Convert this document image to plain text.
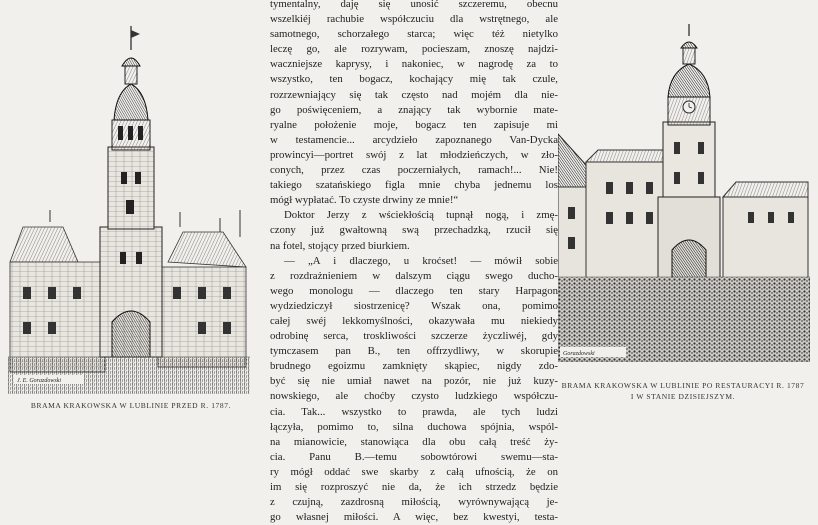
J. E. Gorazdowski
BRAMA KRAKOWSKA W LUBLINIE PRZED R. 1787.
tymentalny, daję się unosić szczeremu, obecnu
wszelkiéj rachubie współczuciu dla wstrętnego, ale
samotnego, schorzałego starca; więc téż nietylko
leczę go, ale rozrywam, pocieszam, znoszę najdzi-
waczniejsze kaprysy, i nakoniec, w nagrodę za to
wszystko, ten bogacz, kochający mię tak czule,
rozrzewniający się tak często nad mojém dla nie-
go poświęceniem, a znający tak wybornie mate-
ryalne położenie moje, bogacz ten zapisuje mi
w testamencie... arcydzieło zapoznanego Van-Dycka
prowincyi—portret swój z lat młodzieńczych, w zło-
conych, przez czas poczerniałych, ramach!... Nie!
takiego szatańskiego figla mnie chyba jednemu los
mógł wypłatać. To czyste drwiny ze mnie!“
Doktor Jerzy z wściekłością tupnął nogą, i zmę-
czony już gwałtowną swą przechadzką, rzucił się
na fotel, stojący przed biurkiem.
— „A i dlaczego, u kroćset! — mówił sobie
z rozdrażnieniem w dalszym ciągu swego ducho-
wego monologu — dlaczego ten stary Harpagon
wydziedziczył siostrzenicę? Wszak ona, pomimo
całej swéj lekkomyślności, okazywała mu niekiedy
odrobinę serca, troskliwości szczerze życzliwéj, gdy
tymczasem pan B., ten offrzydliwy, w skorupie
brudnego egoizmu zamknięty skąpiec, nigdy zdo-
być się nie umiał nawet na pozór, nie już kuzy-
nowskiego, ale choćby czysto ludzkiego współczu-
cia. Tak... wszystko to prawda, ale tych ludzi
łączyła, pomimo to, silna duchowa spójnia, wspól-
na mianowicie, stanowiąca dla obu całą treść ży-
cia. Panu B.—temu sobowtórowi swemu—sta-
ry mógł oddać swe skarby z całą ufnością, że on
im się rozproszyć nie da, że ich strzedz będzie
z czujną, zazdrosną miłością, wyrównywającą je-
go własnej miłości. A więc, bez kwestyi, testa-
Gorazdowski
BRAMA KRAKOWSKA W LUBLINIE PO RESTAURACYI R. 1787
I W STANIE DZISIEJSZYM.
